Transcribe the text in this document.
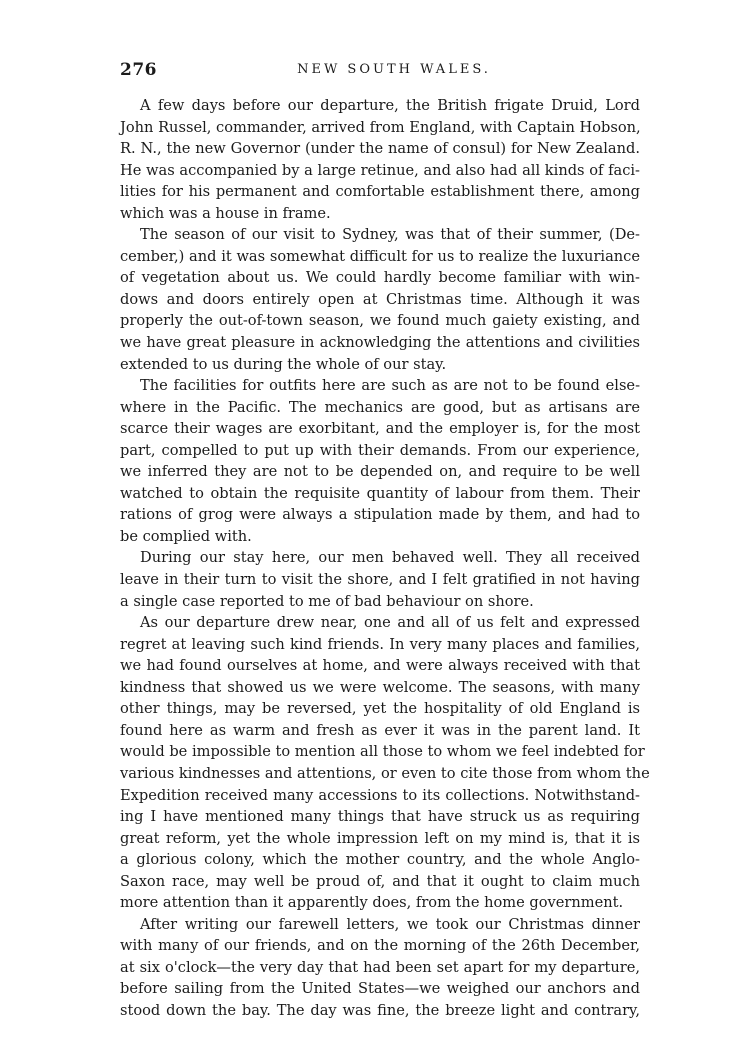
276	NEW SOUTH WALES.
A few days before our departure, the British frigate Druid, Lord
John Russel, commander, arrived from England, with Captain Hobson,
R. N., the new Governor (under the name of consul) for New Zealand.
He was accompanied by a large retinue, and also had all kinds of faci-
lities for his permanent and comfortable establishment there, among
which was a house in frame.
The season of our visit to Sydney, was that of their summer, (De-
cember,) and it was somewhat difficult for us to realize the luxuriance
of vegetation about us. We could hardly become familiar with win-
dows and doors entirely open at Christmas time. Although it was
properly the out-of-town season, we found much gaiety existing, and
we have great pleasure in acknowledging the attentions and civilities
extended to us during the whole of our stay.
The facilities for outfits here are such as are not to be found else-
where in the Pacific. The mechanics are good, but as artisans are
scarce their wages are exorbitant, and the employer is, for the most
part, compelled to put up with their demands. From our experience,
we inferred they are not to be depended on, and require to be well
watched to obtain the requisite quantity of labour from them. Their
rations of grog were always a stipulation made by them, and had to
be complied with.
During our stay here, our men behaved well. They all received
leave in their turn to visit the shore, and I felt gratified in not having
a single case reported to me of bad behaviour on shore.
As our departure drew near, one and all of us felt and expressed
regret at leaving such kind friends. In very many places and families,
we had found ourselves at home, and were always received with that
kindness that showed us we were welcome. The seasons, with many
other things, may be reversed, yet the hospitality of old England is
found here as warm and fresh as ever it was in the parent land. It
would be impossible to mention all those to whom we feel indebted for
various kindnesses and attentions, or even to cite those from whom the
Expedition received many accessions to its collections. Notwithstand-
ing I have mentioned many things that have struck us as requiring
great reform, yet the whole impression left on my mind is, that it is
a glorious colony, which the mother country, and the whole Anglo-
Saxon race, may well be proud of, and that it ought to claim much
more attention than it apparently does, from the home government.
After writing our farewell letters, we took our Christmas dinner
with many of our friends, and on the morning of the 26th December,
at six o'clock—the very day that had been set apart for my departure,
before sailing from the United States—we weighed our anchors and
stood down the bay. The day was fine, the breeze light and contrary,
